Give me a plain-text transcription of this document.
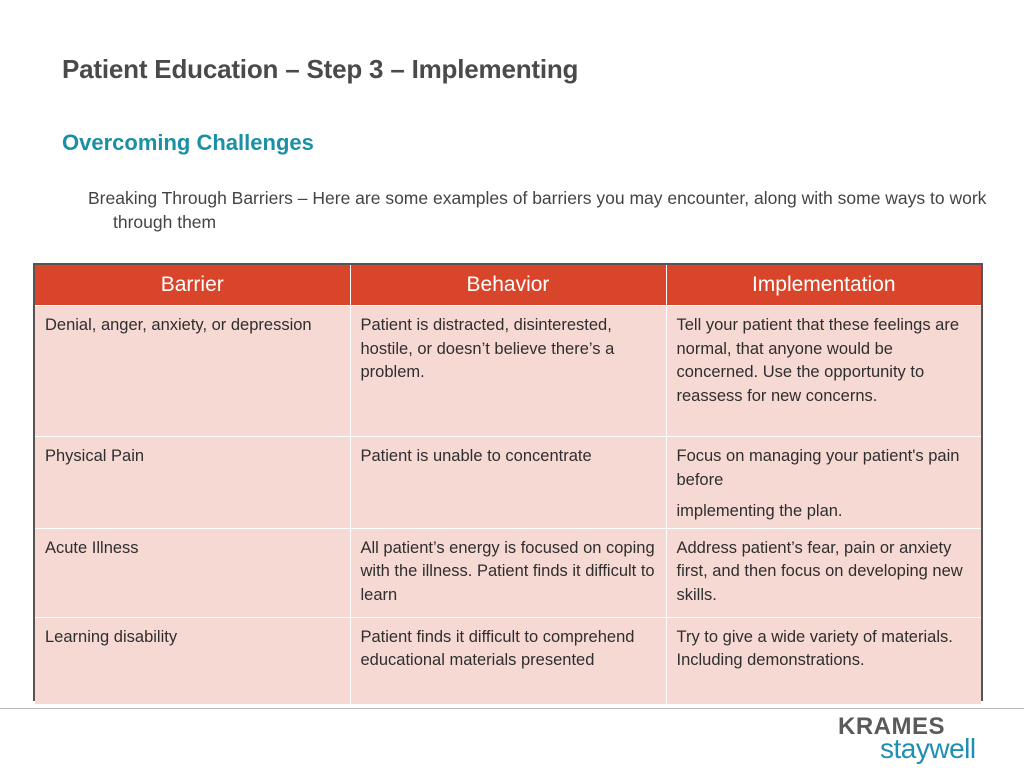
Patient Education – Step 3 – Implementing
Overcoming Challenges

Breaking Through Barriers – Here are some examples of barriers you may encounter, along with some ways to work through them

Barrier	Behavior	Implementation
Denial, anger, anxiety, or depression	Patient is distracted, disinterested, hostile, or doesn’t believe there’s a problem.	Tell your patient that these feelings are normal, that anyone would be concerned. Use the opportunity to reassess for new concerns.
Physical Pain	Patient is unable to concentrate	Focus on managing your patient's pain before
implementing the plan.

Acute Illness	All patient’s energy is focused on coping with the illness. Patient finds it difficult to learn	Address patient’s fear, pain or anxiety first, and then focus on developing new skills.
Learning disability	Patient finds it difficult to comprehend educational materials presented	Try to give a wide variety of materials. Including demonstrations.
KRAMES
staywell
